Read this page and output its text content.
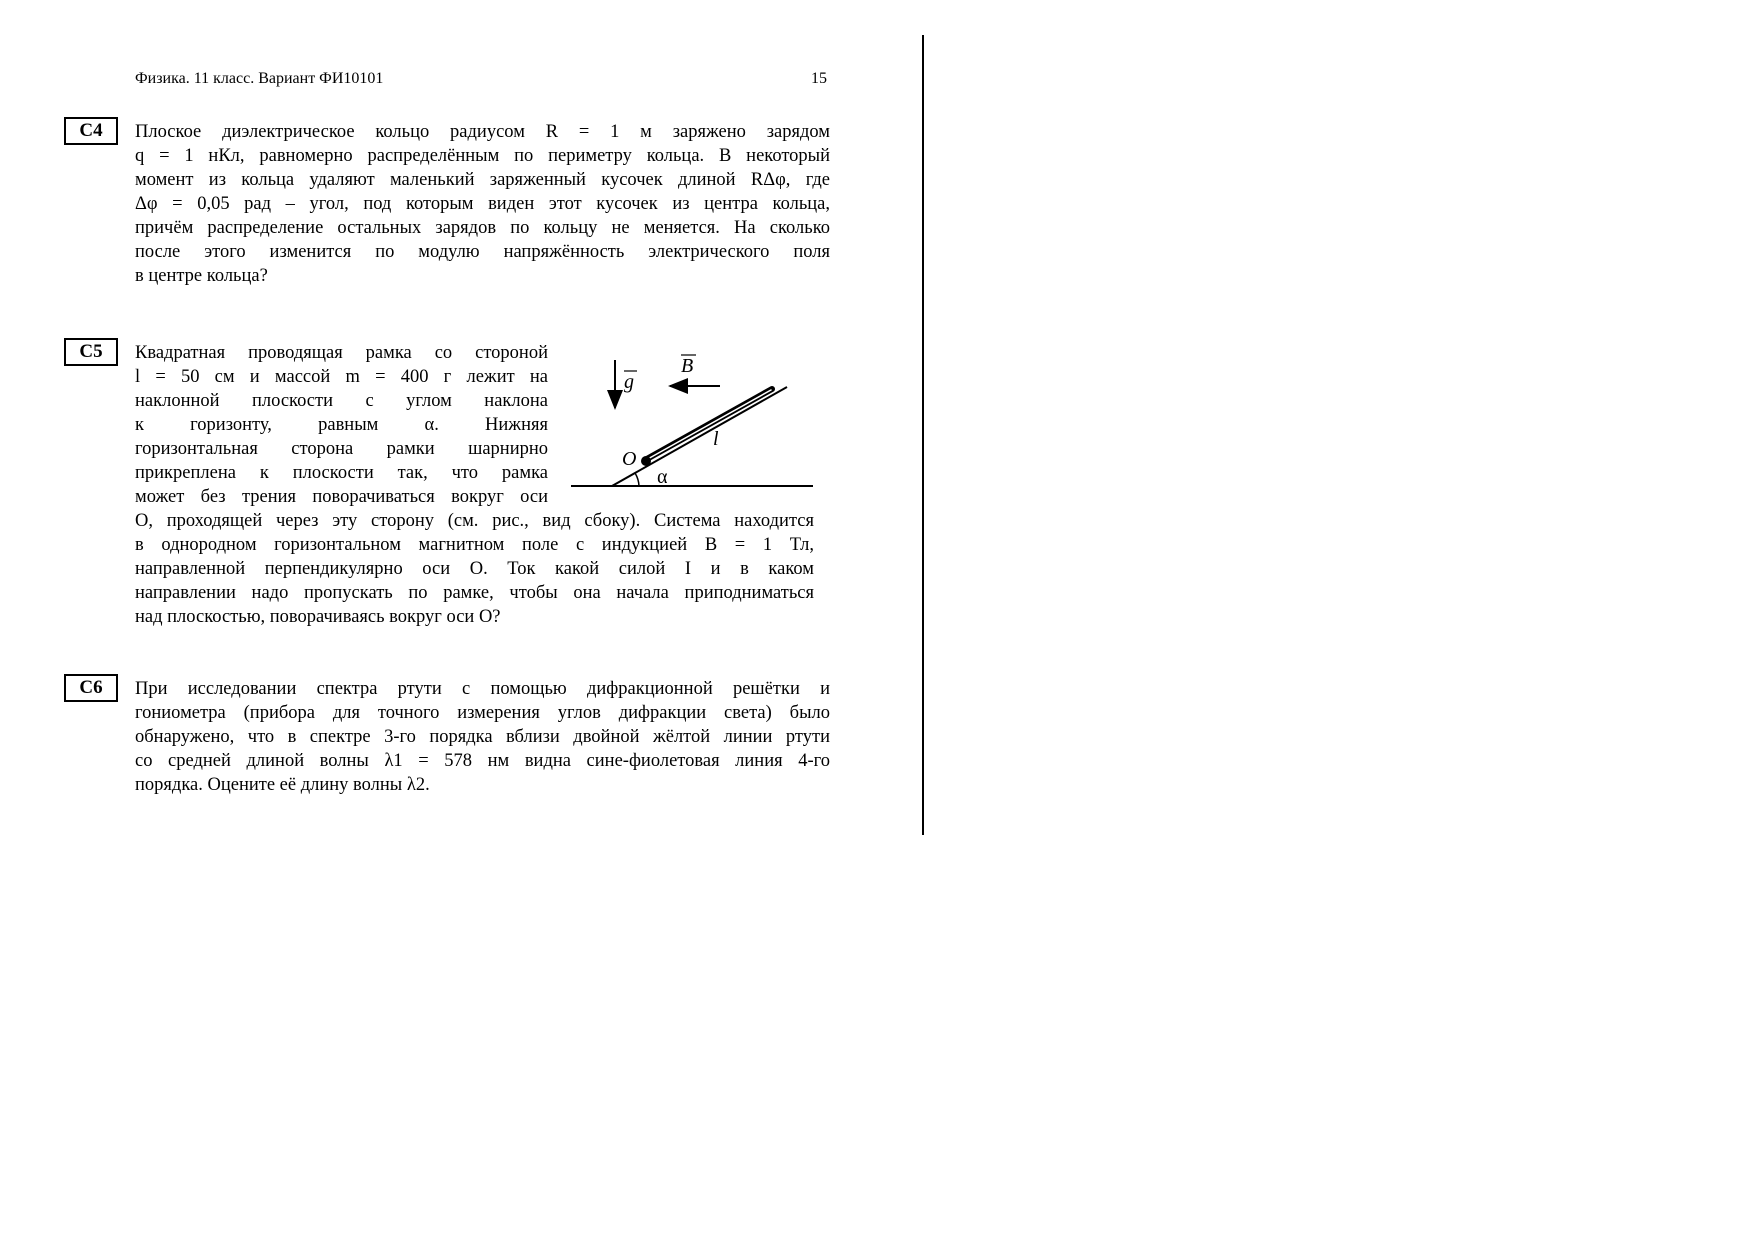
Физика. 11 класс. Вариант ФИ10101	15
C4	Плоское диэлектрическое кольцо радиусом R = 1 м заряжено зарядом
q = 1 нКл, равномерно распределённым по периметру кольца. В некоторый
момент из кольца удаляют маленький заряженный кусочек длиной RΔφ, где
Δφ = 0,05 рад – угол, под которым виден этот кусочек из центра кольца,
причём распределение остальных зарядов по кольцу не меняется. На сколько
после этого изменится по модулю напряжённость электрического поля
в центре кольца?
C5	Квадратная проводящая рамка со стороной
l = 50 см и массой m = 400 г лежит на
наклонной плоскости с углом наклона
к горизонту, равным α. Нижняя
горизонтальная сторона рамки шарнирно
прикреплена к плоскости так, что рамка
может без трения поворачиваться вокруг оси
O, проходящей через эту сторону (см. рис., вид сбоку). Система находится
в однородном горизонтальном магнитном поле с индукцией B = 1 Тл,
направленной перпендикулярно оси O. Ток какой силой I и в каком
направлении надо пропускать по рамке, чтобы она начала приподниматься
над плоскостью, поворачиваясь вокруг оси O?
g
B
O
l
α
C6	При исследовании спектра ртути с помощью дифракционной решётки и
гониометра (прибора для точного измерения углов дифракции света) было
обнаружено, что в спектре 3-го порядка вблизи двойной жёлтой линии ртути
со средней длиной волны λ1 = 578 нм видна сине-фиолетовая линия 4-го
порядка. Оцените её длину волны λ2.
